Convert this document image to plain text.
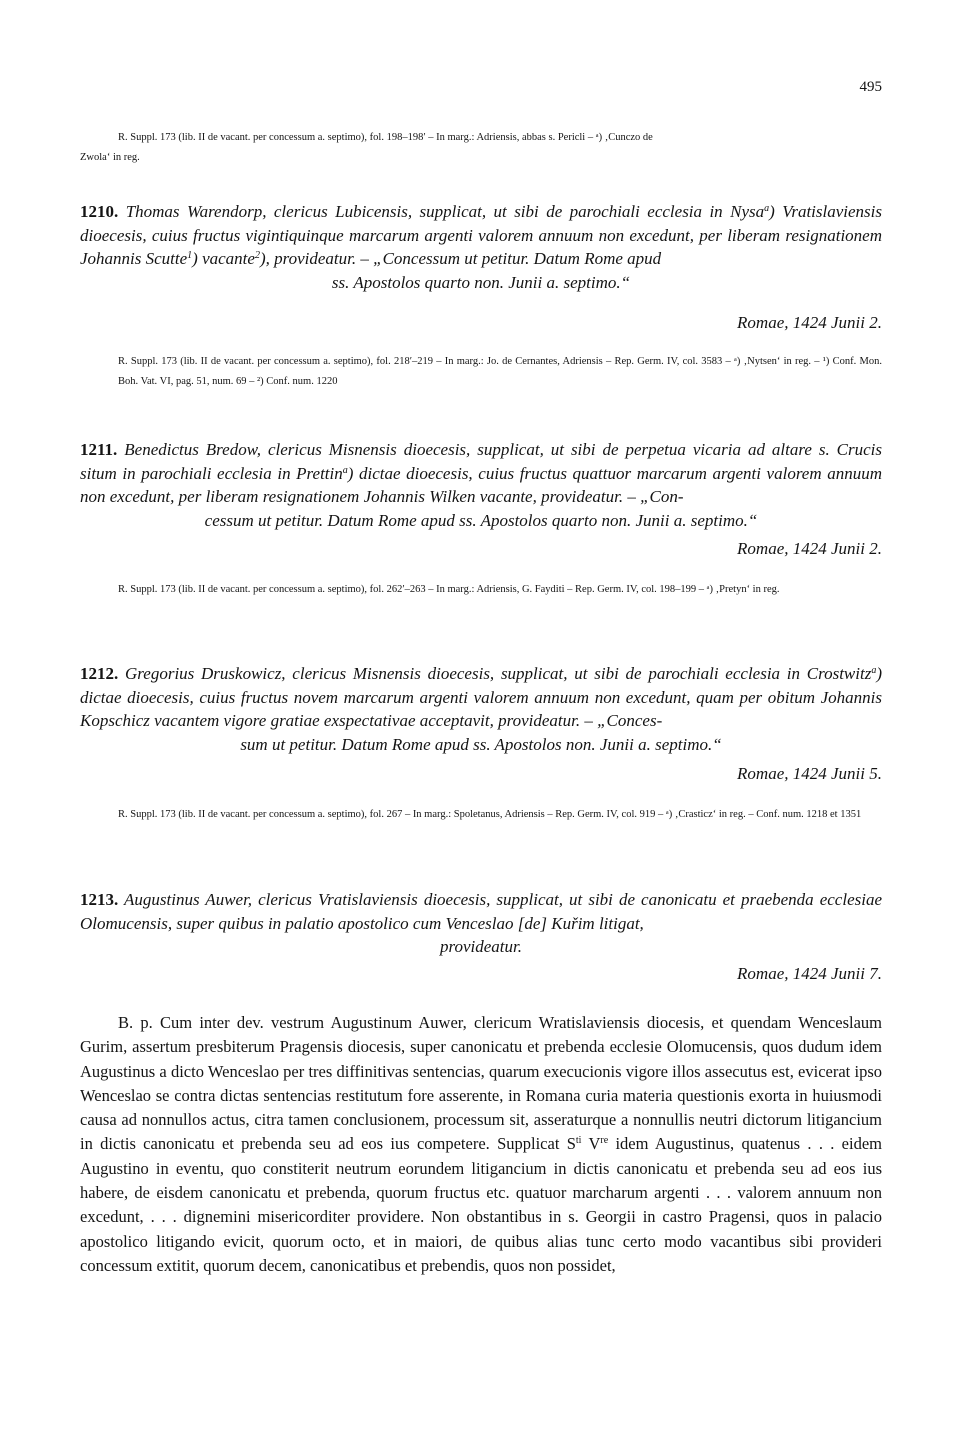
495
R. Suppl. 173 (lib. II de vacant. per concessum a. septimo), fol. 198–198′ – In marg.: Adriensis, abbas s. Pericli – ᵃ) ‚Cunczo de
Zwola‘ in reg.
1210. Thomas Warendorp, clericus Lubicensis, supplicat, ut sibi de parochiali ecclesia in Nysa$^a$) Vratislaviensis dioecesis, cuius fructus vigintiquinque marcarum argenti valorem annuum non excedunt, per liberam resignationem Johannis Scutte$^1$) vacante$^2$), provideatur. – „Concessum ut petitur. Datum Rome apud
ss. Apostolos quarto non. Junii a. septimo.“
Romae, 1424 Junii 2.
R. Suppl. 173 (lib. II de vacant. per concessum a. septimo), fol. 218′–219 – In marg.: Jo. de Cernantes, Adriensis – Rep. Germ. IV, col. 3583 – ᵃ) ‚Nytsen‘ in reg. – ¹) Conf. Mon. Boh. Vat. VI, pag. 51, num. 69 – ²) Conf. num. 1220
1211. Benedictus Bredow, clericus Misnensis dioecesis, supplicat, ut sibi de perpetua vicaria ad altare s. Crucis situm in parochiali ecclesia in Prettin$^a$) dictae dioecesis, cuius fructus quattuor marcarum argenti valorem annuum non excedunt, per liberam resignationem Johannis Wilken vacante, provideatur. – „Con-
cessum ut petitur. Datum Rome apud ss. Apostolos quarto non. Junii a. septimo.“
Romae, 1424 Junii 2.
R. Suppl. 173 (lib. II de vacant. per concessum a. septimo), fol. 262′–263 – In marg.: Adriensis, G. Fayditi – Rep. Germ. IV, col. 198–199 – ᵃ) ‚Pretyn‘ in reg.
1212. Gregorius Druskowicz, clericus Misnensis dioecesis, supplicat, ut sibi de parochiali ecclesia in Crostwitz$^a$) dictae dioecesis, cuius fructus novem marcarum argenti valorem annuum non excedunt, quam per obitum Johannis Kopschicz vacantem vigore gratiae exspectativae acceptavit, provideatur. – „Conces-
sum ut petitur. Datum Rome apud ss. Apostolos non. Junii a. septimo.“
Romae, 1424 Junii 5.
R. Suppl. 173 (lib. II de vacant. per concessum a. septimo), fol. 267 – In marg.: Spoletanus, Adriensis – Rep. Germ. IV, col. 919 – ᵃ) ‚Crasticz‘ in reg. – Conf. num. 1218 et 1351
1213. Augustinus Auwer, clericus Vratislaviensis dioecesis, supplicat, ut sibi de canonicatu et praebenda ecclesiae Olomucensis, super quibus in palatio apostolico cum Venceslao [de] Kuřim litigat,
provideatur.
Romae, 1424 Junii 7.
B. p. Cum inter dev. vestrum Augustinum Auwer, clericum Wratislaviensis diocesis, et quendam Wenceslaum Gurim, assertum presbiterum Pragensis diocesis, super canonicatu et prebenda ecclesie Olomucensis, quos dudum idem Augustinus a dicto Wenceslao per tres diffinitivas sentencias, quarum execucionis vigore illos assecutus est, evicerat ipso Wenceslao se contra dictas sentencias restitutum fore asserente, in Romana curia materia questionis exorta in huiusmodi causa ad nonnullos actus, citra tamen conclusionem, processum sit, asseraturque a nonnullis neutri dictorum litigancium in dictis canonicatu et prebenda seu ad eos ius competere. Supplicat $S^{ti}$ Vre idem Augustinus, quatenus . . . eidem Augustino in eventu, quo constiterit neutrum eorundem litigancium in dictis canonicatu et prebenda seu ad eos ius habere, de eisdem canonicatu et prebenda, quorum fructus etc. quatuor marcharum argenti . . . valorem annuum non excedunt, . . . dignemini misericorditer providere. Non obstantibus in s. Georgii in castro Pragensi, quos in palacio apostolico litigando evicit, quorum octo, et in maiori, de quibus alias tunc certo modo vacantibus sibi provideri concessum extitit, quorum decem, canonicatibus et prebendis, quos non possidet,
